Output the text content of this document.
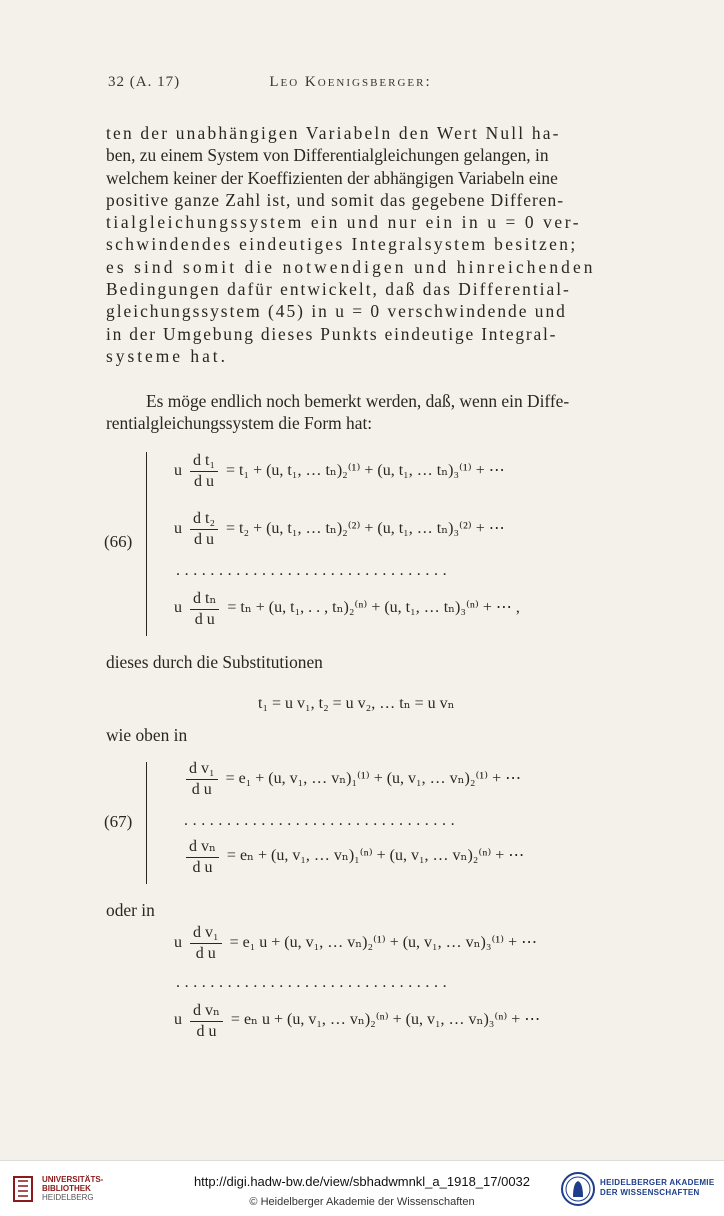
32 (A. 17)	Leo Koenigsberger:

ten der unabhängigen Variabeln den Wert Null ha-

ben, zu einem System von Differentialgleichungen gelangen, in

welchem keiner der Koeffizienten der abhängigen Variabeln eine

positive ganze Zahl ist, und somit das gegebene Differen-

tialgleichungssystem ein und nur ein in u = 0 ver-

schwindendes eindeutiges Integralsystem besitzen;

es sind somit die notwendigen und hinreichenden

Bedingungen dafür entwickelt, daß das Differential-

gleichungssystem (45) in u = 0 verschwindende und

in der Umgebung dieses Punkts eindeutige Integral-

systeme hat.

Es möge endlich noch bemerkt werden, daß, wenn ein Diffe-

rentialgleichungssystem die Form hat:

(66)
u $\frac{\text{d t₁}}{\text{d u}} = t_1 + (u$, t₁, … tₙ)₂⁽¹⁾ + (u, t₁, … tₙ)₃⁽¹⁾ + ⋯
u $\frac{\text{d t₂}}{\text{d u}} = t_2 + (u$, t₁, … tₙ)₂⁽²⁾ + (u, t₁, … tₙ)₃⁽²⁾ + ⋯
................................
u $\frac{\text{d tₙ}}{\text{d u}} = t_n + (u$, t₁, . . , tₙ)₂⁽ⁿ⁾ + (u, t₁, … tₙ)₃⁽ⁿ⁾ + ⋯ ,
dieses durch die Substitutionen
t₁ = u v₁, t₂ = u v₂, … tₙ = u vₙ
wie oben in
(67)
$\frac{\text{d v₁}}{\text{d u}} = e_1 + (u$, v₁, … vₙ)₁⁽¹⁾ + (u, v₁, … vₙ)₂⁽¹⁾ + ⋯
................................
$\frac{\text{d vₙ}}{\text{d u}} = e_n + (u$, v₁, … vₙ)₁⁽ⁿ⁾ + (u, v₁, … vₙ)₂⁽ⁿ⁾ + ⋯
oder in
u $\frac{\text{d v₁}}{\text{d u}} = e_1$ u + (u, v₁, … vₙ)₂⁽¹⁾ + (u, v₁, … vₙ)₃⁽¹⁾ + ⋯
................................
u $\frac{\text{d vₙ}}{\text{d u}} = e_n$ u + (u, v₁, … vₙ)₂⁽ⁿ⁾ + (u, v₁, … vₙ)₃⁽ⁿ⁾ + ⋯
UNIVERSITÄTS-
BIBLIOTHEK
HEIDELBERG
http://digi.hadw-bw.de/view/sbhadwmnkl_a_1918_17/0032
© Heidelberger Akademie der Wissenschaften
HEIDELBERGER AKADEMIE
DER WISSENSCHAFTEN
